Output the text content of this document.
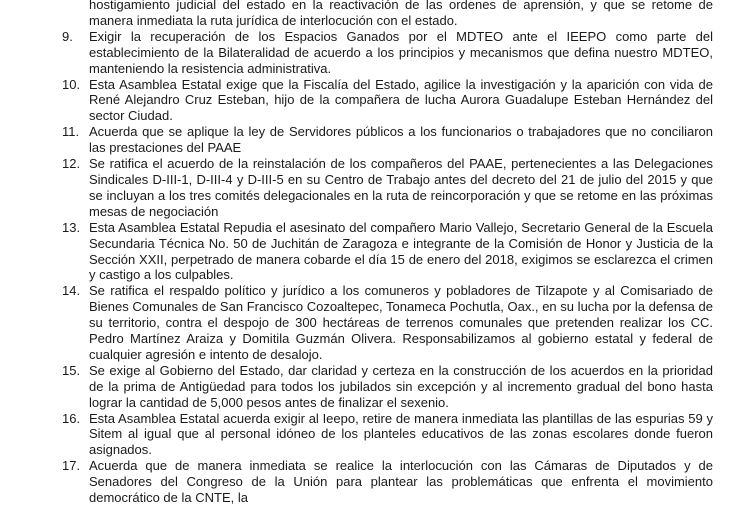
hostigamiento judicial del estado en la reactivación de las ordenes de aprensión, y que se retome de manera inmediata la ruta jurídica de interlocución con el estado.
9. Exigir la recuperación de los Espacios Ganados por el MDTEO ante el IEEPO como parte del establecimiento de la Bilateralidad de acuerdo a los principios y mecanismos que defina nuestro MDTEO, manteniendo la resistencia administrativa.
10. Esta Asamblea Estatal exige que la Fiscalía del Estado, agilice la investigación y la aparición con vida de René Alejandro Cruz Esteban, hijo de la compañera de lucha Aurora Guadalupe Esteban Hernández del sector Ciudad.
11. Acuerda que se aplique la ley de Servidores públicos a los funcionarios o trabajadores que no conciliaron las prestaciones del PAAE
12. Se ratifica el acuerdo de la reinstalación de los compañeros del PAAE, pertenecientes a las Delegaciones Sindicales D-III-1, D-III-4 y D-III-5 en su Centro de Trabajo antes del decreto del 21 de julio del 2015 y que se incluyan a los tres comités delegacionales en la ruta de reincorporación y que se retome en las próximas mesas de negociación
13. Esta Asamblea Estatal Repudia el asesinato del compañero Mario Vallejo, Secretario General de la Escuela Secundaria Técnica No. 50 de Juchitán de Zaragoza e integrante de la Comisión de Honor y Justicia de la Sección XXII, perpetrado de manera cobarde el día 15 de enero del 2018, exigimos se esclarezca el crimen y castigo a los culpables.
14. Se ratifica el respaldo político y jurídico a los comuneros y pobladores de Tilzapote y al Comisariado de Bienes Comunales de San Francisco Cozoaltepec, Tonameca Pochutla, Oax., en su lucha por la defensa de su territorio, contra el despojo de 300 hectáreas de terrenos comunales que pretenden realizar los CC. Pedro Martínez Araiza y Domitila Guzmán Olivera. Responsabilizamos al gobierno estatal y federal de cualquier agresión e intento de desalojo.
15. Se exige al Gobierno del Estado, dar claridad y certeza en la construcción de los acuerdos en la prioridad de la prima de Antigüedad para todos los jubilados sin excepción y al incremento gradual del bono hasta lograr la cantidad de 5,000 pesos antes de finalizar el sexenio.
16. Esta Asamblea Estatal acuerda exigir al Ieepo, retire de manera inmediata las plantillas de las espurias 59 y Sitem al igual que al personal idóneo de los planteles educativos de las zonas escolares donde fueron asignados.
17. Acuerda que de manera inmediata se realice la interlocución con las Cámaras de Diputados y de Senadores del Congreso de la Unión para plantear las problemáticas que enfrenta el movimiento democrático de la CNTE, la
